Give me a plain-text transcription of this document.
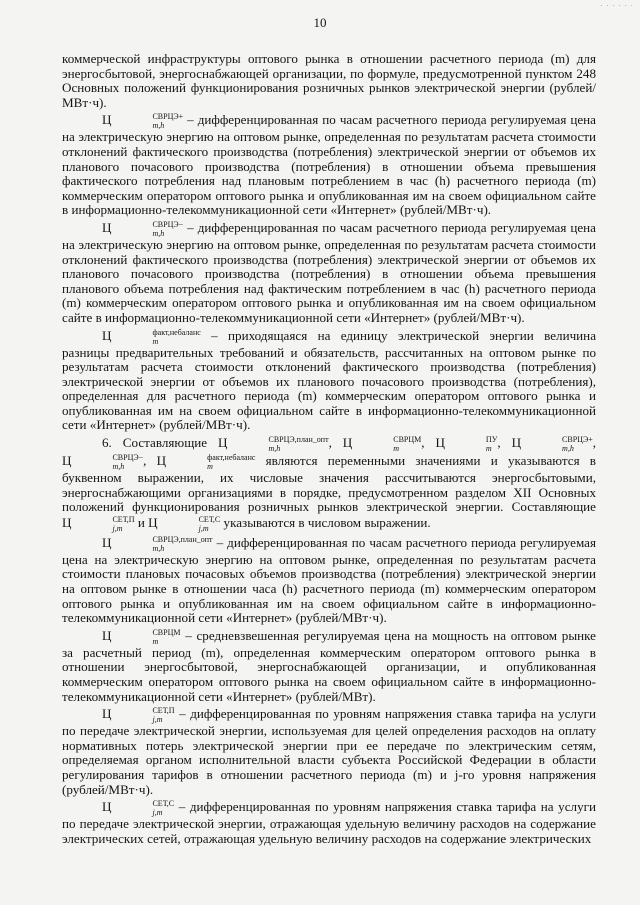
· · · · · ·
10

коммерческой инфраструктуры оптового рынка в отношении расчетного периода (m) для энергосбытовой, энергоснабжающей организации, по формуле, предусмотренной пунктом 248 Основных положений функционирования розничных рынков электрической энергии (рублей/МВт·ч).

Ц	СВРЦЭ+
m,h	– дифференцированная по часам расчетного периода регулируемая цена на электрическую энергию на оптовом рынке, определенная по результатам расчета стоимости отклонений фактического производства (потребления) электрической энергии от объемов их планового почасового производства (потребления) в отношении объема превышения фактического потребления над плановым потреблением в час (h) расчетного периода (m) коммерческим оператором оптового рынка и опубликованная им на своем официальном сайте в информационно-телекоммуникационной сети «Интернет» (рублей/МВт·ч).

Ц	СВРЦЭ−
m,h	– дифференцированная по часам расчетного периода регулируемая цена на электрическую энергию на оптовом рынке, определенная по результатам расчета стоимости отклонений фактического производства (потребления) электрической энергии от объемов их планового почасового производства (потребления) в отношении объема превышения планового объема потребления над фактическим потреблением в час (h) расчетного периода (m) коммерческим оператором оптового рынка и опубликованная им на своем официальном сайте в информационно-телекоммуникационной сети «Интернет» (рублей/МВт·ч).

Ц	факт,небаланс
m	– приходящаяся на единицу электрической энергии величина разницы предварительных требований и обязательств, рассчитанных на оптовом рынке по результатам расчета стоимости отклонений фактического производства (потребления) электрической энергии от объемов их планового почасового производства (потребления), определенная для расчетного периода (m) коммерческим оператором оптового рынка и опубликованная им на своем официальном сайте в информационно-телекоммуникационной сети «Интернет» (рублей/МВт·ч).

6. Составляющие Ц	СВРЦЭ,план_опт
m,h	, Ц	СВРЦМ
m	, Ц	ПУ
m , Ц	СВРЦЭ+
m,h	, Ц	СВРЦЭ−
m,h	, Ц	факт,небаланс
m	являются переменными значениями и указываются в буквенном выражении, их числовые значения рассчитываются энергосбытовыми, энергоснабжающими организациями в порядке, предусмотренном разделом XII Основных положений функционирования розничных рынков электрической энергии. Составляющие Ц	СЕТ,П
j,m и Ц	СЕТ,С
j,m указываются в числовом выражении.

Ц	СВРЦЭ,план_опт
m,h	– дифференцированная по часам расчетного периода регулируемая цена на электрическую энергию на оптовом рынке, определенная по результатам расчета стоимости плановых почасовых объемов производства (потребления) электрической энергии на оптовом рынке в отношении часа (h) расчетного периода (m) коммерческим оператором оптового рынка и опубликованная им на своем официальном сайте в информационно-телекоммуникационной сети «Интернет» (рублей/МВт·ч).

Ц	СВРЦМ
m	– средневзвешенная регулируемая цена на мощность на оптовом рынке за расчетный период (m), определенная коммерческим оператором оптового рынка в отношении энергосбытовой, энергоснабжающей организации, и опубликованная коммерческим оператором оптового рынка на своем официальном сайте в информационно-телекоммуникационной сети «Интернет» (рублей/МВт).

Ц	СЕТ,П
j,m – дифференцированная по уровням напряжения ставка тарифа на услуги по передаче электрической энергии, используемая для целей определения расходов на оплату нормативных потерь электрической энергии при ее передаче по электрическим сетям, определяемая органом исполнительной власти субъекта Российской Федерации в области регулирования тарифов в отношении расчетного периода (m) и j-го уровня напряжения (рублей/МВт·ч).

Ц	СЕТ,С
j,m – дифференцированная по уровням напряжения ставка тарифа на услуги по передаче электрической энергии, отражающая удельную величину расходов на содержание электрических сетей, отражающая удельную величину расходов на содержание электрических
